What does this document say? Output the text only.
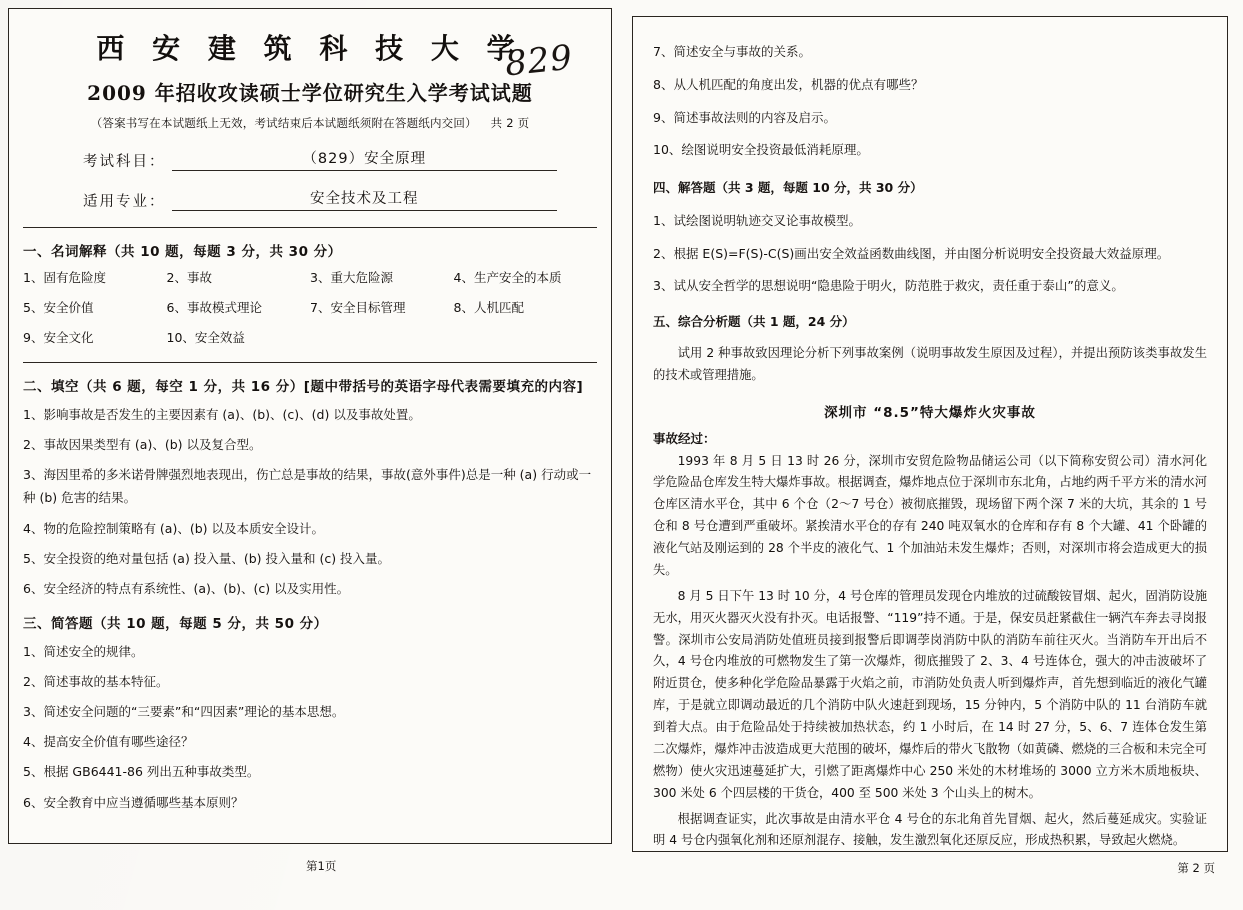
西 安 建 筑 科 技 大 学
829
2009 年招收攻读硕士学位研究生入学考试试题
（答案书写在本试题纸上无效，考试结束后本试题纸须附在答题纸内交回） 共 2 页
考试科目：	（829）安全原理
适用专业：	安全技术及工程
一、名词解释（共 10 题，每题 3 分，共 30 分）
1、固有危险度	2、事故	3、重大危险源	4、生产安全的本质
5、安全价值	6、事故模式理论	7、安全目标管理	8、人机匹配
9、安全文化	10、安全效益
二、填空（共 6 题，每空 1 分，共 16 分）[题中带括号的英语字母代表需要填充的内容]
1、影响事故是否发生的主要因素有 (a)、(b)、(c)、(d) 以及事故处置。
2、事故因果类型有 (a)、(b) 以及复合型。
3、海因里希的多米诺骨牌强烈地表现出，伤亡总是事故的结果，事故(意外事件)总是一种 (a) 行动或一种 (b) 危害的结果。
4、物的危险控制策略有 (a)、(b) 以及本质安全设计。
5、安全投资的绝对量包括 (a) 投入量、(b) 投入量和 (c) 投入量。
6、安全经济的特点有系统性、(a)、(b)、(c) 以及实用性。
三、简答题（共 10 题，每题 5 分，共 50 分）
1、简述安全的规律。
2、简述事故的基本特征。
3、简述安全问题的“三要素”和“四因素”理论的基本思想。
4、提高安全价值有哪些途径？
5、根据 GB6441-86 列出五种事故类型。
6、安全教育中应当遵循哪些基本原则？
第1页
7、简述安全与事故的关系。
8、从人机匹配的角度出发，机器的优点有哪些？
9、简述事故法则的内容及启示。
10、绘图说明安全投资最低消耗原理。
四、解答题（共 3 题，每题 10 分，共 30 分）
1、试绘图说明轨迹交叉论事故模型。
2、根据 E(S)=F(S)-C(S)画出安全效益函数曲线图，并由图分析说明安全投资最大效益原理。
3、试从安全哲学的思想说明“隐患险于明火，防范胜于救灾，责任重于泰山”的意义。
五、综合分析题（共 1 题，24 分）
试用 2 种事故致因理论分析下列事故案例（说明事故发生原因及过程），并提出预防该类事故发生的技术或管理措施。
深圳市 “8.5”特大爆炸火灾事故
事故经过：
1993 年 8 月 5 日 13 时 26 分，深圳市安贸危险物品储运公司（以下简称安贸公司）清水河化学危险品仓库发生特大爆炸事故。根据调查，爆炸地点位于深圳市东北角，占地约两千平方米的清水河仓库区清水平仓，其中 6 个仓（2～7 号仓）被彻底摧毁，现场留下两个深 7 米的大坑，其余的 1 号仓和 8 号仓遭到严重破坏。紧挨清水平仓的存有 240 吨双氧水的仓库和存有 8 个大罐、41 个卧罐的液化气站及刚运到的 28 个半皮的液化气、1 个加油站未发生爆炸；否则，对深圳市将会造成更大的损失。
8 月 5 日下午 13 时 10 分，4 号仓库的管理员发现仓内堆放的过硫酸铵冒烟、起火，固消防设施无水，用灭火器灭火没有扑灭。电话报警、“119”持不通。于是，保安员赶紧截住一辆汽车奔去寻岗报警。深圳市公安局消防处值班员接到报警后即调荸岗消防中队的消防车前往灭火。当消防车开出后不久，4 号仓内堆放的可燃物发生了第一次爆炸，彻底摧毁了 2、3、4 号连体仓，强大的冲击波破坏了附近贯仓，使多种化学危险品暴露于火焰之前，市消防处负责人听到爆炸声，首先想到临近的液化气罐库，于是就立即调动最近的几个消防中队火速赶到现场，15 分钟内，5 个消防中队的 11 台消防车就到着大点。由于危险品处于持续被加热状态，约 1 小时后，在 14 时 27 分，5、6、7 连体仓发生第二次爆炸，爆炸冲击波造成更大范围的破坏，爆炸后的带火飞散物（如黄磷、燃烧的三合板和未完全可燃物）使火灾迅速蔓延扩大，引燃了距离爆炸中心 250 米处的木材堆场的 3000 立方米木质地板块、300 米处 6 个四层楼的干货仓，400 至 500 米处 3 个山头上的树木。
根据调查证实，此次事故是由清水平仓 4 号仓的东北角首先冒烟、起火，然后蔓延成灾。实验证明 4 号仓内强氧化剂和还原剂混存、接触，发生激烈氧化还原反应，形成热积累，导致起火燃烧。
第 2 页
